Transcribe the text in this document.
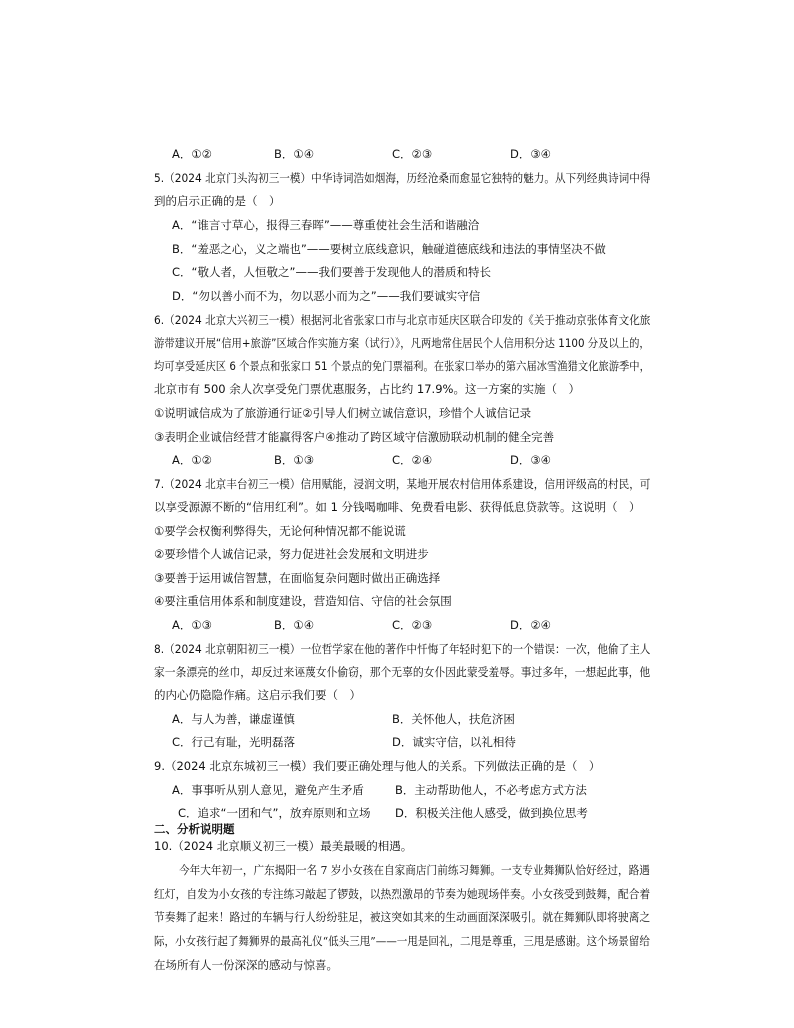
A．①②	B．①④	C．②③	D．③④
5.（2024 北京门头沟初三一模）中华诗词浩如烟海，历经沧桑而愈显它独特的魅力。从下列经典诗词中得
到的启示正确的是（　）
A．“谁言寸草心，报得三春晖”——尊重使社会生活和谐融洽
B．“羞恶之心，义之端也”——要树立底线意识，触碰道德底线和违法的事情坚决不做
C．“敬人者，人恒敬之”——我们要善于发现他人的潜质和特长
D．“勿以善小而不为，勿以恶小而为之”——我们要诚实守信
6.（2024 北京大兴初三一模）根据河北省张家口市与北京市延庆区联合印发的《关于推动京张体育文化旅
游带建议开展“信用+旅游”区域合作实施方案（试行）》，凡两地常住居民个人信用积分达 1100 分及以上的，
均可享受延庆区 6 个景点和张家口 51 个景点的免门票福利。在张家口举办的第六届冰雪渔猎文化旅游季中，
北京市有 500 余人次享受免门票优惠服务，占比约 17.9%。这一方案的实施（　）
①说明诚信成为了旅游通行证②引导人们树立诚信意识，珍惜个人诚信记录
③表明企业诚信经营才能赢得客户④推动了跨区域守信激励联动机制的健全完善
A．①②	B．①③	C．②④	D．③④
7.（2024 北京丰台初三一模）信用赋能，浸润文明，某地开展农村信用体系建设，信用评级高的村民，可
以享受源源不断的“信用红利”。如 1 分钱喝咖啡、免费看电影、获得低息贷款等。这说明（　）
①要学会权衡利弊得失，无论何种情况都不能说谎
②要珍惜个人诚信记录，努力促进社会发展和文明进步
③要善于运用诚信智慧，在面临复杂问题时做出正确选择
④要注重信用体系和制度建设，营造知信、守信的社会氛围
A．①③	B．①④	C．②③	D．②④
8.（2024 北京朝阳初三一模）一位哲学家在他的著作中忏悔了年轻时犯下的一个错误：一次，他偷了主人
家一条漂亮的丝巾，却反过来诬蔑女仆偷窃，那个无辜的女仆因此蒙受羞辱。事过多年，一想起此事，他
的内心仍隐隐作痛。这启示我们要（　）
A．与人为善，谦虚谨慎	B．关怀他人，扶危济困
C．行己有耻，光明磊落	D．诚实守信，以礼相待
9.（2024 北京东城初三一模）我们要正确处理与他人的关系。下列做法正确的是（　）
A．事事听从别人意见，避免产生矛盾	B．主动帮助他人，不必考虑方式方法
C．追求“一团和气”，放弃原则和立场 D．积极关注他人感受，做到换位思考
二、分析说明题
10.（2024 北京顺义初三一模）最美最暖的相遇。
今年大年初一，广东揭阳一名 7 岁小女孩在自家商店门前练习舞狮。一支专业舞狮队恰好经过，路遇
红灯，自发为小女孩的专注练习敲起了锣鼓，以热烈激昂的节奏为她现场伴奏。小女孩受到鼓舞，配合着
节奏舞了起来！路过的车辆与行人纷纷驻足，被这突如其来的生动画面深深吸引。就在舞狮队即将驶离之
际，小女孩行起了舞狮界的最高礼仪“低头三甩”——一甩是回礼，二甩是尊重，三甩是感谢。这个场景留给
在场所有人一份深深的感动与惊喜。
